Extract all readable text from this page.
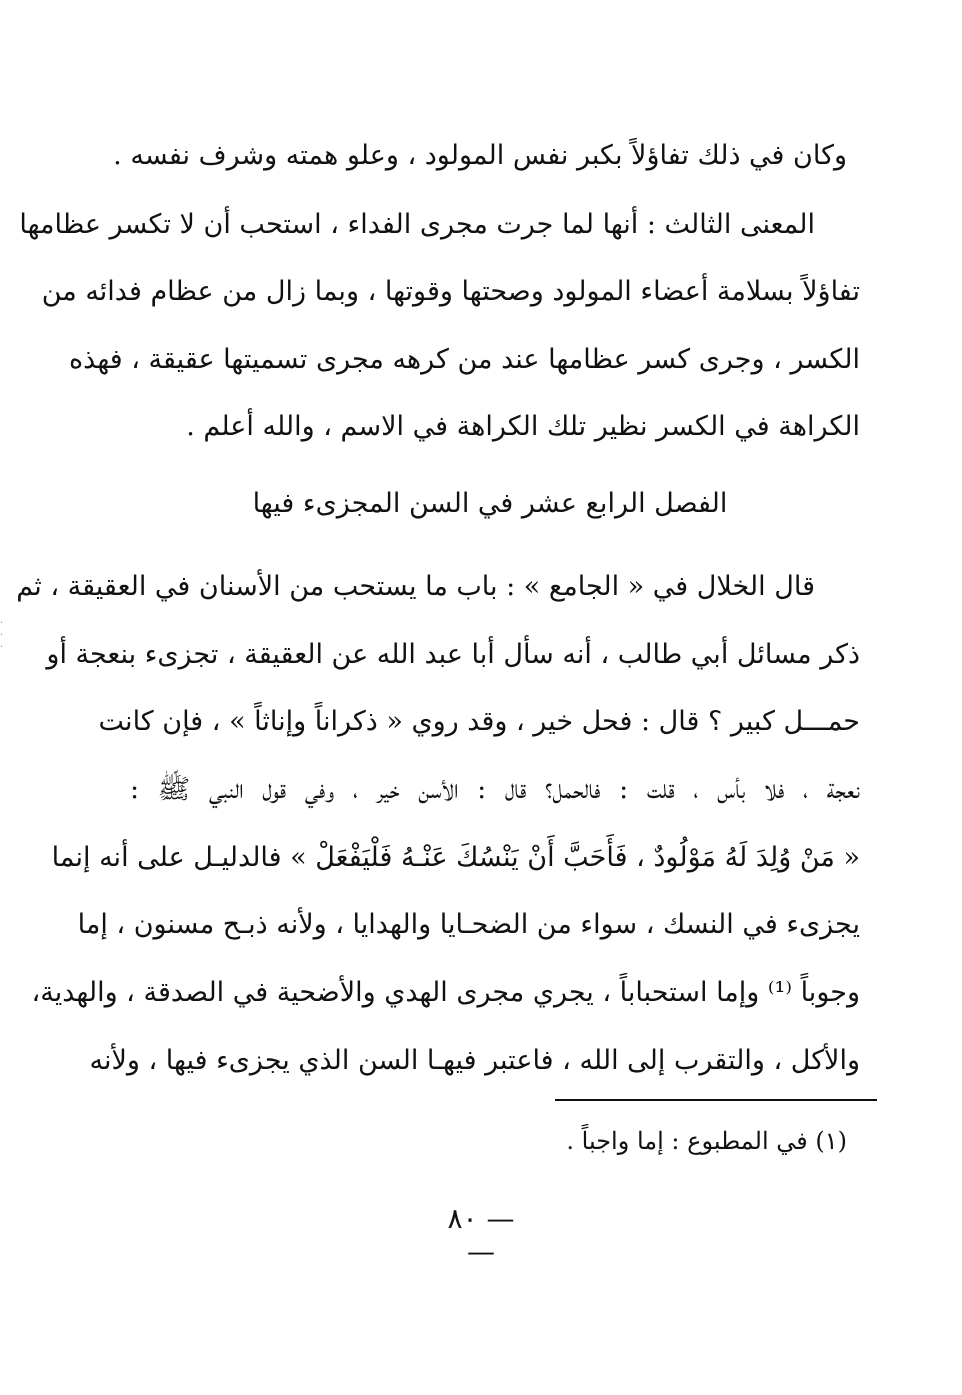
وكان في ذلك تفاؤلاً بكبر نفس المولود ، وعلو همته وشرف نفسه .
المعنى الثالث : أنها لما جرت مجرى الفداء ، استحب أن لا تكسر عظامها
تفاؤلاً بسلامة أعضاء المولود وصحتها وقوتها ، وبما زال من عظام فدائه من
الكسر ، وجرى كسر عظامها عند من كرهه مجرى تسميتها عقيقة ، فهذه
الكراهة في الكسر نظير تلك الكراهة في الاسم ، والله أعلم .
الفصل الرابع عشر في السن المجزىء فيها
قال الخلال في « الجامع » : باب ما يستحب من الأسنان في العقيقة ، ثم
ذكر مسائل أبي طالب ، أنه سأل أبا عبد الله عن العقيقة ، تجزىء بنعجة أو
حمـــل كبير ؟ قال : فحل خير ، وقد روي « ذكراناً وإناثاً » ، فإن كانت
نعجة ، فلا بأس ، قلت : فالحمل؟ قال : الأسن خير ، وفي قول النبي ﷺ :
« مَنْ وُلِدَ لَهُ مَوْلُودٌ ، فَأَحَبَّ أَنْ يَنْسُكَ عَنْـهُ فَلْيَفْعَلْ » فالدليـل على أنه إنما
يجزىء في النسك ، سواء من الضحـايا والهدايا ، ولأنه ذبـح مسنون ، إما
وجوباً ⁽¹⁾ وإما استحباباً ، يجري مجرى الهدي والأضحية في الصدقة ، والهدية،
والأكل ، والتقرب إلى الله ، فاعتبر فيهـا السن الذي يجزىء فيها ، ولأنه
(١) في المطبوع : إما واجباً .
— ٨٠ —
·
·
·
